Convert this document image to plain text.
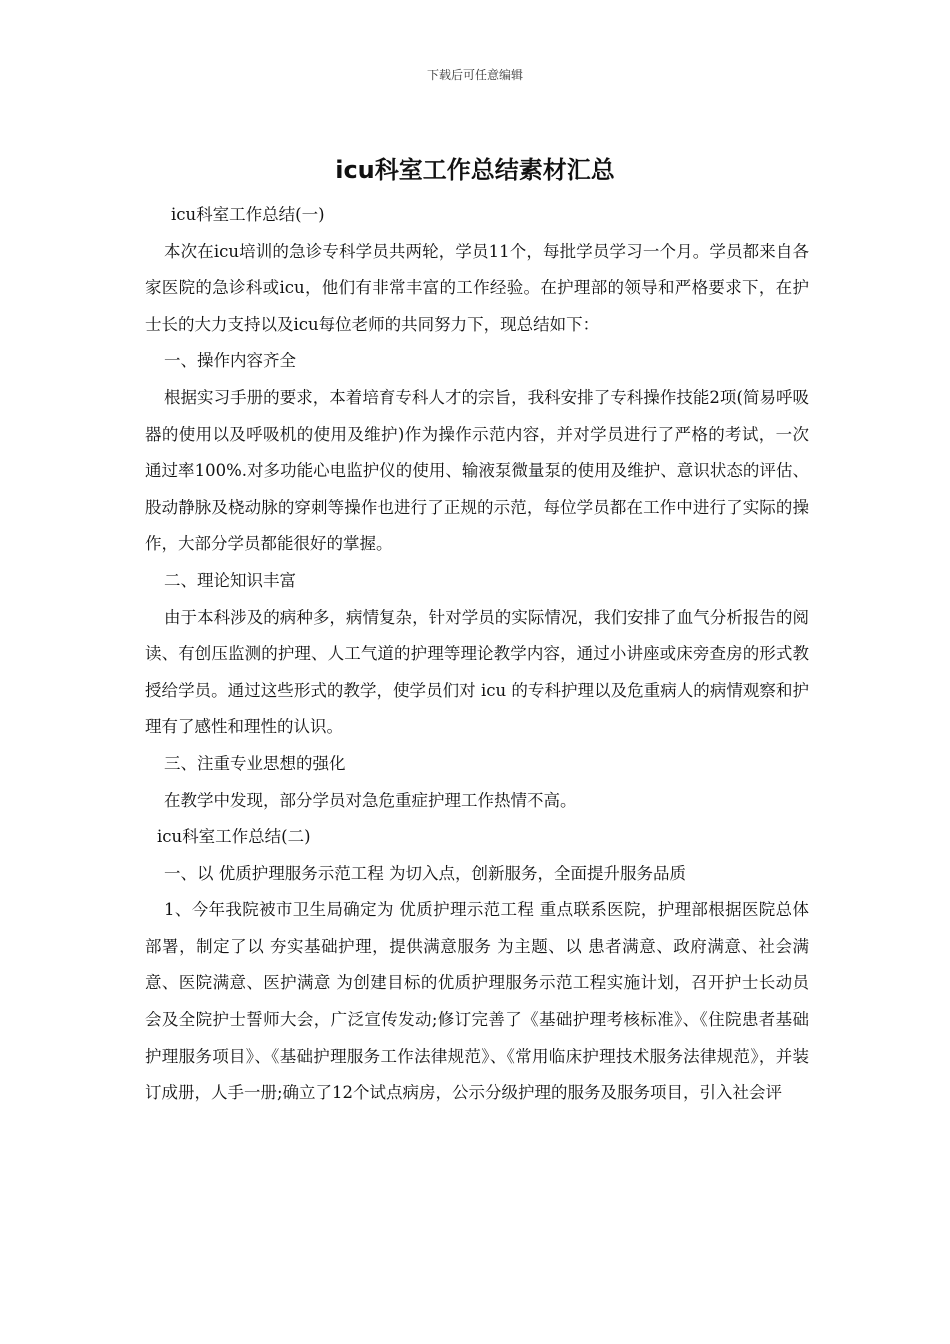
下载后可任意编辑
icu科室工作总结素材汇总

icu科室工作总结(一)

本次在icu培训的急诊专科学员共两轮，学员11个，每批学员学习一个月。学员都来自各家医院的急诊科或icu，他们有非常丰富的工作经验。在护理部的领导和严格要求下，在护士长的大力支持以及icu每位老师的共同努力下，现总结如下：

一、操作内容齐全

根据实习手册的要求，本着培育专科人才的宗旨，我科安排了专科操作技能2项(简易呼吸器的使用以及呼吸机的使用及维护)作为操作示范内容，并对学员进行了严格的考试，一次通过率100%.对多功能心电监护仪的使用、输液泵微量泵的使用及维护、意识状态的评估、股动静脉及桡动脉的穿刺等操作也进行了正规的示范，每位学员都在工作中进行了实际的操作，大部分学员都能很好的掌握。

二、理论知识丰富

由于本科涉及的病种多，病情复杂，针对学员的实际情况，我们安排了血气分析报告的阅读、有创压监测的护理、人工气道的护理等理论教学内容，通过小讲座或床旁查房的形式教授给学员。通过这些形式的教学，使学员们对 icu 的专科护理以及危重病人的病情观察和护理有了感性和理性的认识。

三、注重专业思想的强化

在教学中发现，部分学员对急危重症护理工作热情不高。

icu科室工作总结(二)

一、以 优质护理服务示范工程 为切入点，创新服务，全面提升服务品质

1、今年我院被市卫生局确定为 优质护理示范工程 重点联系医院，护理部根据医院总体部署，制定了以 夯实基础护理，提供满意服务 为主题、以 患者满意、政府满意、社会满意、医院满意、医护满意 为创建目标的优质护理服务示范工程实施计划，召开护士长动员会及全院护士誓师大会，广泛宣传发动;修订完善了《基础护理考核标准》、《住院患者基础护理服务项目》、《基础护理服务工作法律规范》、《常用临床护理技术服务法律规范》，并装订成册，人手一册;确立了12个试点病房，公示分级护理的服务及服务项目，引入社会评
